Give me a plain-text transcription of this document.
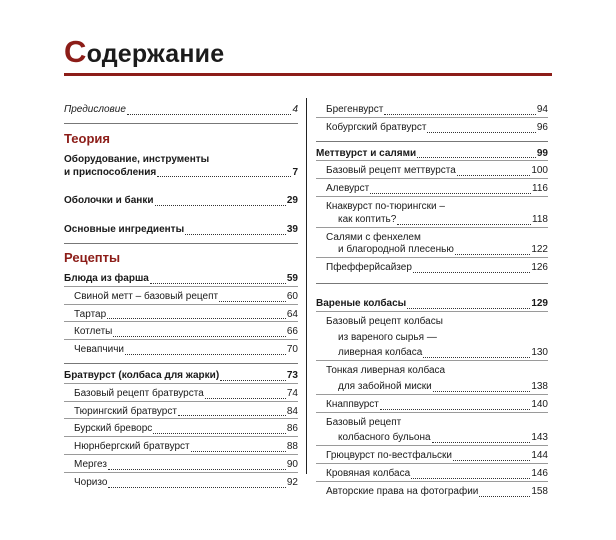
Содержание
Предисловие	4
Теория
Оборудование, инструменты
и приспособления	7
Оболочки и банки	29
Основные ингредиенты	39
Рецепты
Блюда из фарша	59
Свиной метт – базовый рецепт	60
Тартар	64
Котлеты	66
Чевапчичи	70
Братвурст (колбаса для жарки)	73
Базовый рецепт братвурста	74
Тюрингский братвурст	84
Бурский бреворс	86
Нюрнбергский братвурст	88
Мергез	90
Чоризо	92
Брегенвурст	94
Кобургский братвурст	96
Меттвурст и салями	99
Базовый рецепт меттвурста	100
Алевурст	116
Кнаквурст по-тюрингски –
как коптить?	118
Салями с фенхелем
и благородной плесенью	122
Пфефферйсайзер	126
Вареные колбасы	129
Базовый рецепт колбасы
из вареного сырья —
ливерная колбаса	130
Тонкая ливерная колбаса
для забойной миски	138
Кнаппвурст	140
Базовый рецепт
колбасного бульона	143
Грюцвурст по-вестфальски	144
Кровяная колбаса	146
Авторские права на фотографии	158
